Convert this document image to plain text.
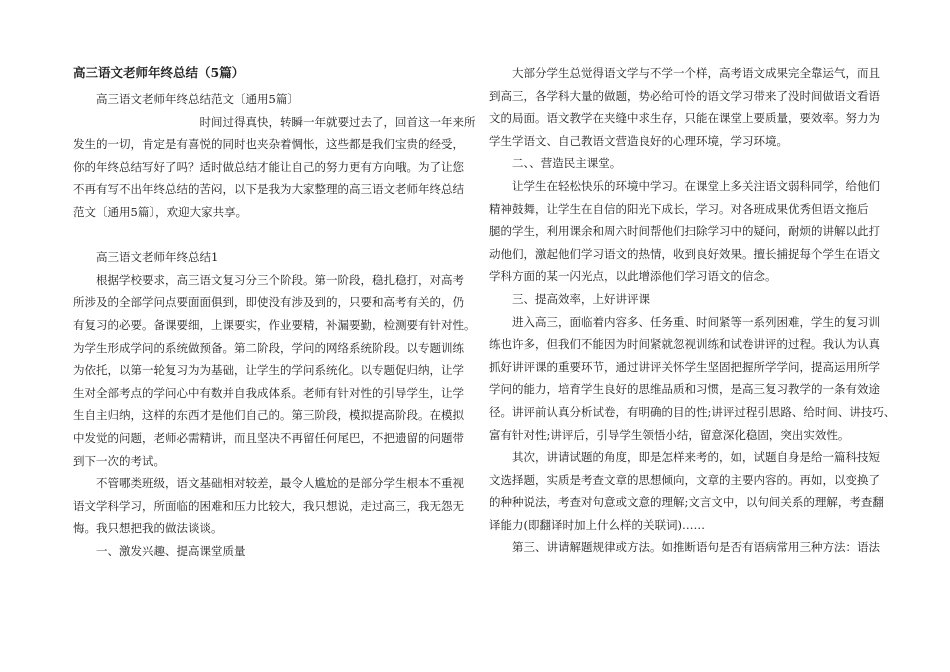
高三语文老师年终总结（5篇）
　　高三语文老师年终总结范文〔通用5篇〕
　　　　　　　　　　　时间过得真快，转瞬一年就要过去了，回首这一年来所
发生的一切，肯定是有喜悦的同时也夹杂着惆怅，这些都是我们宝贵的经受，
你的年终总结写好了吗？适时做总结才能让自己的努力更有方向哦。为了让您
不再有写不出年终总结的苦闷，以下是我为大家整理的高三语文老师年终总结
范文〔通用5篇〕，欢迎大家共享。
　　高三语文老师年终总结1
　　根据学校要求，高三语文复习分三个阶段。第一阶段，稳扎稳打，对高考
所涉及的全部学问点要面面俱到，即使没有涉及到的，只要和高考有关的，仍
有复习的必要。备课要细，上课要实，作业要精，补漏要勤，检测要有针对性。
为学生形成学问的系统做预备。第二阶段，学问的网络系统阶段。以专题训练
为依托，以第一轮复习为为基础，让学生的学问系统化。以专题促归纳，让学
生对全部考点的学问心中有数并自我成体系。老师有针对性的引导学生，让学
生自主归纳，这样的东西才是他们自己的。第三阶段，模拟提高阶段。在模拟
中发觉的问题，老师必需精讲，而且坚决不再留任何尾巴，不把遗留的问题带
到下一次的考试。
　　不管哪类班级，语文基础相对较差，最令人尴尬的是部分学生根本不重视
语文学科学习，所面临的困难和压力比较大，我只想说，走过高三，我无怨无
悔。我只想把我的做法谈谈。
　　一、激发兴趣、提高课堂质量
　　大部分学生总觉得语文学与不学一个样，高考语文成果完全靠运气，而且
到高三，各学科大量的做题，势必给可怜的语文学习带来了没时间做语文看语
文的局面。语文教学在夹缝中求生存，只能在课堂上要质量，要效率。努力为
学生学语文、自己教语文营造良好的心理环境，学习环境。
　　二、、营造民主课堂。
　　让学生在轻松快乐的环境中学习。在课堂上多关注语文弱科同学，给他们
精神鼓舞，让学生在自信的阳光下成长，学习。对各班成果优秀但语文拖后
腿的学生，利用课余和周六时间帮他们扫除学习中的疑问，耐烦的讲解以此打
动他们，激起他们学习语文的热情，收到良好效果。擅长捕捉每个学生在语文
学科方面的某一闪光点，以此增添他们学习语文的信念。
　　三、提高效率，上好讲评课
　　进入高三，面临着内容多、任务重、时间紧等一系列困难，学生的复习训
练也许多，但我们不能因为时间紧就忽视训练和试卷讲评的过程。我认为认真
抓好讲评课的重要环节，通过讲评关怀学生坚固把握所学学问，提高运用所学
学问的能力，培育学生良好的思维品质和习惯，是高三复习教学的一条有效途
径。讲评前认真分析试卷，有明确的目的性;讲评过程引思路、给时间、讲技巧、
富有针对性;讲评后，引导学生领悟小结，留意深化稳固，突出实效性。
　　其次，讲请试题的角度，即是怎样来考的，如，试题自身是给一篇科技短
文选择题，实质是考查文章的思想倾向，文章的主要内容的。再如，以变换了
的种种说法，考查对句意或文意的理解;文言文中，以句间关系的理解，考查翻
译能力(即翻译时加上什么样的关联词)……
　　第三、讲请解题规律或方法。如推断语句是否有语病常用三种方法：语法
